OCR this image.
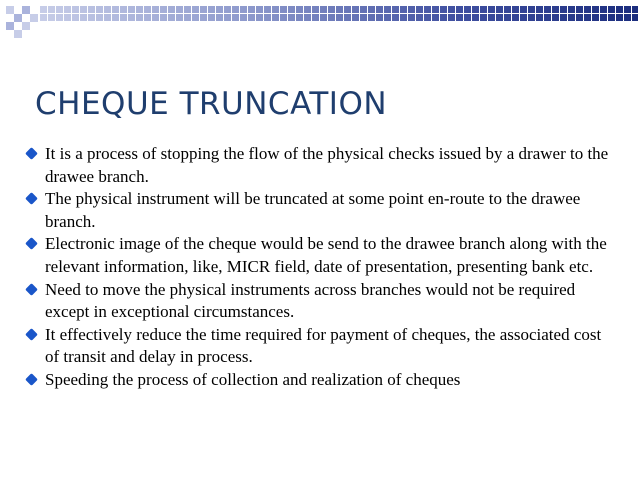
CHEQUE TRUNCATION
It is a process of stopping the flow of the physical checks issued by a drawer to the drawee branch.
The physical instrument will be truncated at some point en-route to the drawee branch.
Electronic image of the cheque would be send to the drawee branch along with the relevant information, like, MICR field, date of presentation, presenting bank etc.
Need to move the physical instruments across branches would not be required except in exceptional circumstances.
It effectively reduce the time required for payment of cheques, the associated cost of transit and delay in process.
Speeding the process of collection and realization of cheques
